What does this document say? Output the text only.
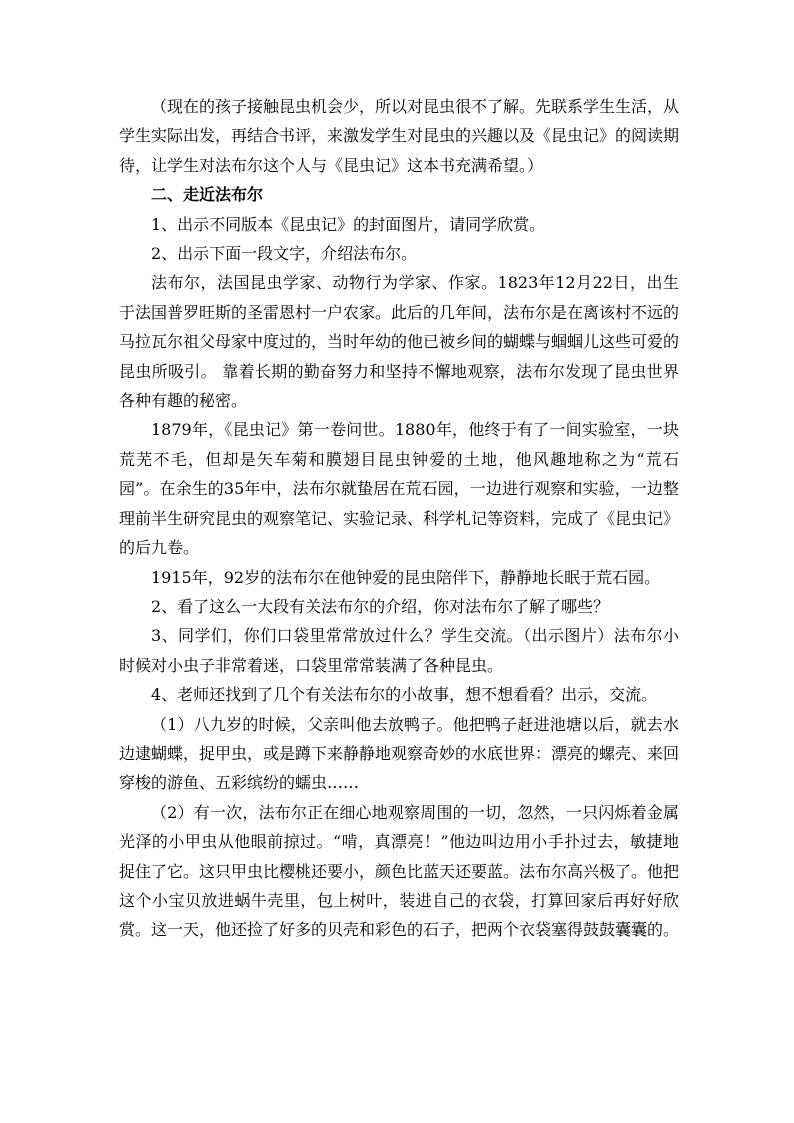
（现在的孩子接触昆虫机会少，所以对昆虫很不了解。先联系学生生活，从学生实际出发，再结合书评，来激发学生对昆虫的兴趣以及《昆虫记》的阅读期待，让学生对法布尔这个人与《昆虫记》这本书充满希望。）

二、走近法布尔

1、出示不同版本《昆虫记》的封面图片，请同学欣赏。

2、出示下面一段文字，介绍法布尔。

法布尔，法国昆虫学家、动物行为学家、作家。1823年12月22日，出生于法国普罗旺斯的圣雷恩村一户农家。此后的几年间，法布尔是在离该村不远的马拉瓦尔祖父母家中度过的，当时年幼的他已被乡间的蝴蝶与蝈蝈儿这些可爱的昆虫所吸引。 靠着长期的勤奋努力和坚持不懈地观察，法布尔发现了昆虫世界各种有趣的秘密。

1879年，《昆虫记》第一卷问世。1880年，他终于有了一间实验室，一块荒芜不毛，但却是矢车菊和膜翅目昆虫钟爱的土地，他风趣地称之为“荒石园”。在余生的35年中，法布尔就蛰居在荒石园，一边进行观察和实验，一边整理前半生研究昆虫的观察笔记、实验记录、科学札记等资料，完成了《昆虫记》的后九卷。

1915年，92岁的法布尔在他钟爱的昆虫陪伴下，静静地长眠于荒石园。

2、看了这么一大段有关法布尔的介绍，你对法布尔了解了哪些？

3、同学们，你们口袋里常常放过什么？学生交流。（出示图片）法布尔小时候对小虫子非常着迷，口袋里常常装满了各种昆虫。

4、老师还找到了几个有关法布尔的小故事，想不想看看？出示，交流。

（1）八九岁的时候，父亲叫他去放鸭子。他把鸭子赶进池塘以后，就去水边逮蝴蝶，捉甲虫，或是蹲下来静静地观察奇妙的水底世界：漂亮的螺壳、来回穿梭的游鱼、五彩缤纷的蠕虫……

（2）有一次，法布尔正在细心地观察周围的一切，忽然，一只闪烁着金属光泽的小甲虫从他眼前掠过。“啃，真漂亮！”他边叫边用小手扑过去，敏捷地捉住了它。这只甲虫比樱桃还要小，颜色比蓝天还要蓝。法布尔高兴极了。他把这个小宝贝放进蜗牛壳里，包上树叶，装进自己的衣袋，打算回家后再好好欣赏。这一天，他还捡了好多的贝壳和彩色的石子，把两个衣袋塞得鼓鼓囊囊的。
